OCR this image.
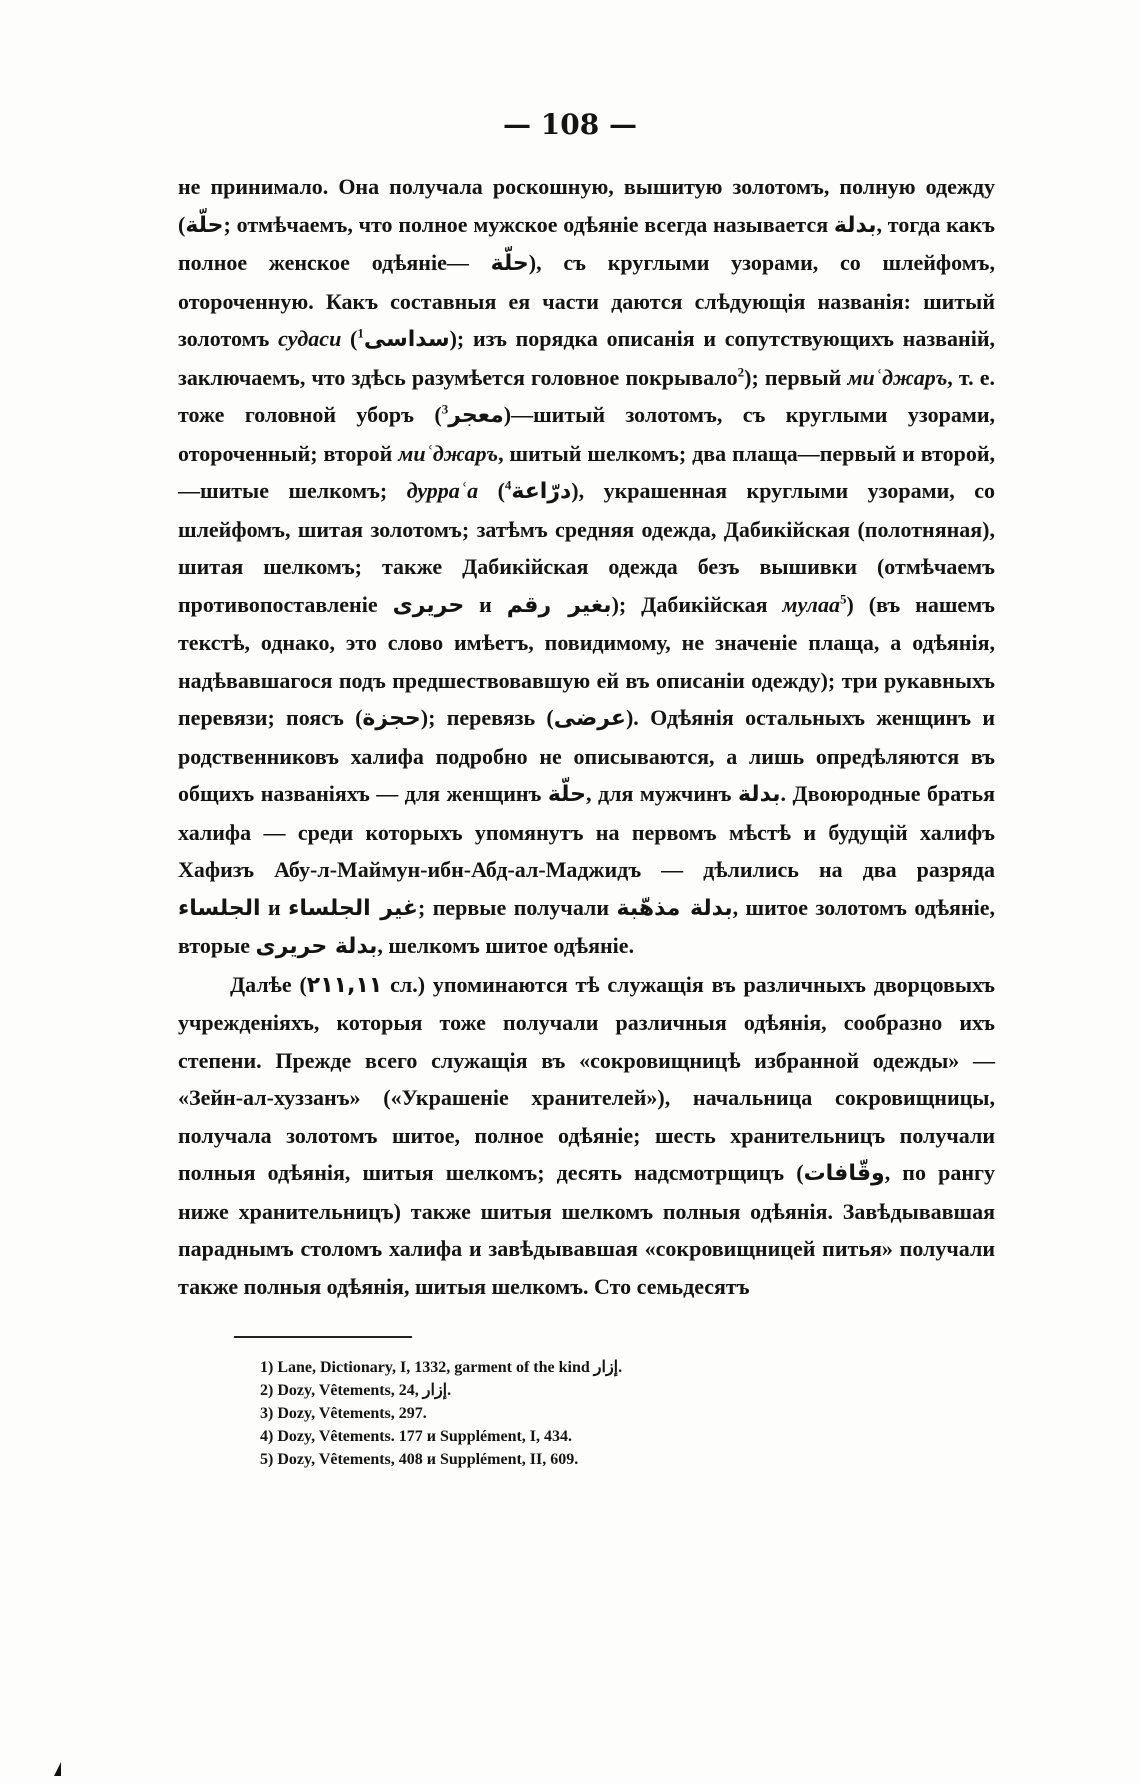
— 108 —

не принимало. Она получала роскошную, вышитую золотомъ, полную одежду (حلّة; отмѣчаемъ, что полное мужское одѣяніе всегда называется بدلة, тогда какъ полное женское одѣяніе— حلّة), съ круглыми узорами, со шлейфомъ, отороченную. Какъ составныя ея части даются слѣдующія названія: шитый золотомъ судаси ( سداسى$^1$	); изъ порядка описанія и сопутствующихъ названій, заключаемъ, что здѣсь разумѣется головное покрывало$^2$); первый миʿджаръ, т. е. тоже головной уборъ ( معجر$^3$	)—шитый золотомъ, съ круглыми узорами, отороченный; второй миʿджаръ, шитый шелкомъ; два плаща—первый и второй,—шитые шелкомъ; дурраʿа ( درّاعة$^4$	), украшенная круглыми узорами, со шлейфомъ, шитая золотомъ; затѣмъ средняя одежда, Дабикійская (полотняная), шитая шелкомъ; также Дабикійская одежда безъ вышивки (отмѣчаемъ противопоставленіе حريرى и بغير رقم); Дабикійская мулаа$^5$) (въ нашемъ текстѣ, однако, это слово имѣетъ, повидимому, не значеніе плаща, а одѣянія, надѣвавшагося подъ предшествовавшую ей въ описаніи одежду); три рукавныхъ перевязи; поясъ (حجزة); перевязь (عرضى). Одѣянія остальныхъ женщинъ и родственниковъ халифа подробно не описываются, а лишь опредѣляются въ общихъ названіяхъ — для женщинъ حلّة, для мужчинъ بدلة. Двоюродные братья халифа — среди которыхъ упомянутъ на первомъ мѣстѣ и будущій халифъ Хафизъ Абу-л-Маймун-ибн-Абд-ал-Маджидъ — дѣлились на два разряда الجلساء и غير الجلساء; первые получали بدلة مذهّبة, шитое золотомъ одѣяніе, вторые بدلة حريرى, шелкомъ шитое одѣяніе.

Далѣе (٢١١,١١ сл.) упоминаются тѣ служащія въ различныхъ дворцовыхъ учрежденіяхъ, которыя тоже получали различныя одѣянія, сообразно ихъ степени. Прежде всего служащія въ «сокровищницѣ избранной одежды» — «Зейн-ал-хуззанъ» («Украшеніе хранителей»), начальница сокровищницы, получала золотомъ шитое, полное одѣяніе; шесть хранительницъ получали полныя одѣянія, шитыя шелкомъ; десять надсмотрщицъ (وقّافات, по рангу ниже хранительницъ) также шитыя шелкомъ полныя одѣянія. Завѣдывавшая параднымъ столомъ халифа и завѣдывавшая «сокровищницей питья» получали также полныя одѣянія, шитыя шелкомъ. Сто семьдесятъ

1) Lane, Dictionary, I, 1332, garment of the kind إزار.
2) Dozy, Vêtements, 24, إزار.
3) Dozy, Vêtements, 297.
4) Dozy, Vêtements. 177 и Supplément, I, 434.
5) Dozy, Vêtements, 408 и Supplément, II, 609.
